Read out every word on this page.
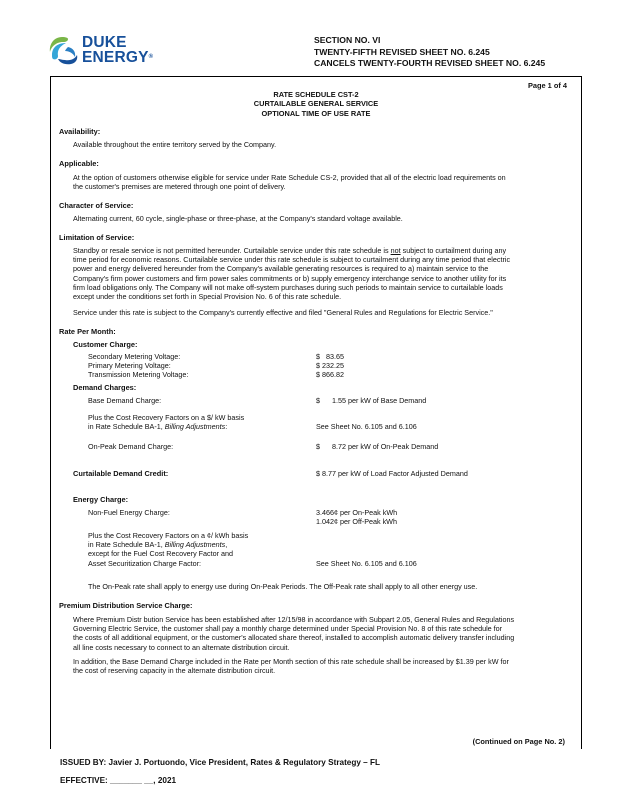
DUKE
ENERGY®
SECTION NO. VI
TWENTY-FIFTH REVISED SHEET NO. 6.245
CANCELS TWENTY-FOURTH REVISED SHEET NO. 6.245
Page 1 of 4
RATE SCHEDULE CST-2
CURTAILABLE GENERAL SERVICE
OPTIONAL TIME OF USE RATE
Availability:
Available throughout the entire territory served by the Company.
Applicable:
At the option of customers otherwise eligible for service under Rate Schedule CS-2, provided that all of the electric load requirements on
the customer's premises are metered through one point of delivery.
Character of Service:
Alternating current, 60 cycle, single-phase or three-phase, at the Company's standard voltage available.
Limitation of Service:
Standby or resale service is not permitted hereunder. Curtailable service under this rate schedule is not subject to curtailment during any
time period for economic reasons. Curtailable service under this rate schedule is subject to curtailment during any time period that electric
power and energy delivered hereunder from the Company's available generating resources is required to a) maintain service to the
Company's firm power customers and firm power sales commitments or b) supply emergency interchange service to another utility for its
firm load obligations only. The Company will not make off-system purchases during such periods to maintain service to curtailable loads
except under the conditions set forth in Special Provision No. 6 of this rate schedule.
Service under this rate is subject to the Company's currently effective and filed "General Rules and Regulations for Electric Service."
Rate Per Month:
Customer Charge:
Secondary Metering Voltage:	$   83.65
Primary Metering Voltage:	$ 232.25
Transmission Metering Voltage:	$ 866.82
Demand Charges:
Base Demand Charge:	$      1.55 per kW of Base Demand
Plus the Cost Recovery Factors on a $/ kW basis
in Rate Schedule BA-1, Billing Adjustments:	See Sheet No. 6.105 and 6.106
On-Peak Demand Charge:	$      8.72 per kW of On-Peak Demand
Curtailable Demand Credit:	$ 8.77 per kW of Load Factor Adjusted Demand
Energy Charge:
Non-Fuel Energy Charge:	3.466¢ per On-Peak kWh
1.042¢ per Off-Peak kWh
Plus the Cost Recovery Factors on a ¢/ kWh basis
in Rate Schedule BA-1, Billing Adjustments,
except for the Fuel Cost Recovery Factor and
Asset Securitization Charge Factor:	See Sheet No. 6.105 and 6.106
The On-Peak rate shall apply to energy use during On-Peak Periods. The Off-Peak rate shall apply to all other energy use.
Premium Distribution Service Charge:
Where Premium Distr bution Service has been established after 12/15/98 in accordance with Subpart 2.05, General Rules and Regulations
Governing Electric Service, the customer shall pay a monthly charge determined under Special Provision No. 8 of this rate schedule for
the costs of all additional equipment, or the customer's allocated share thereof, installed to accomplish automatic delivery transfer including
all line costs necessary to connect to an alternate distribution circuit.
In addition, the Base Demand Charge included in the Rate per Month section of this rate schedule shall be increased by $1.39 per kW for
the cost of reserving capacity in the alternate distribution circuit.
(Continued on Page No. 2)
ISSUED BY: Javier J. Portuondo, Vice President, Rates & Regulatory Strategy – FL
EFFECTIVE: _______ __, 2021
